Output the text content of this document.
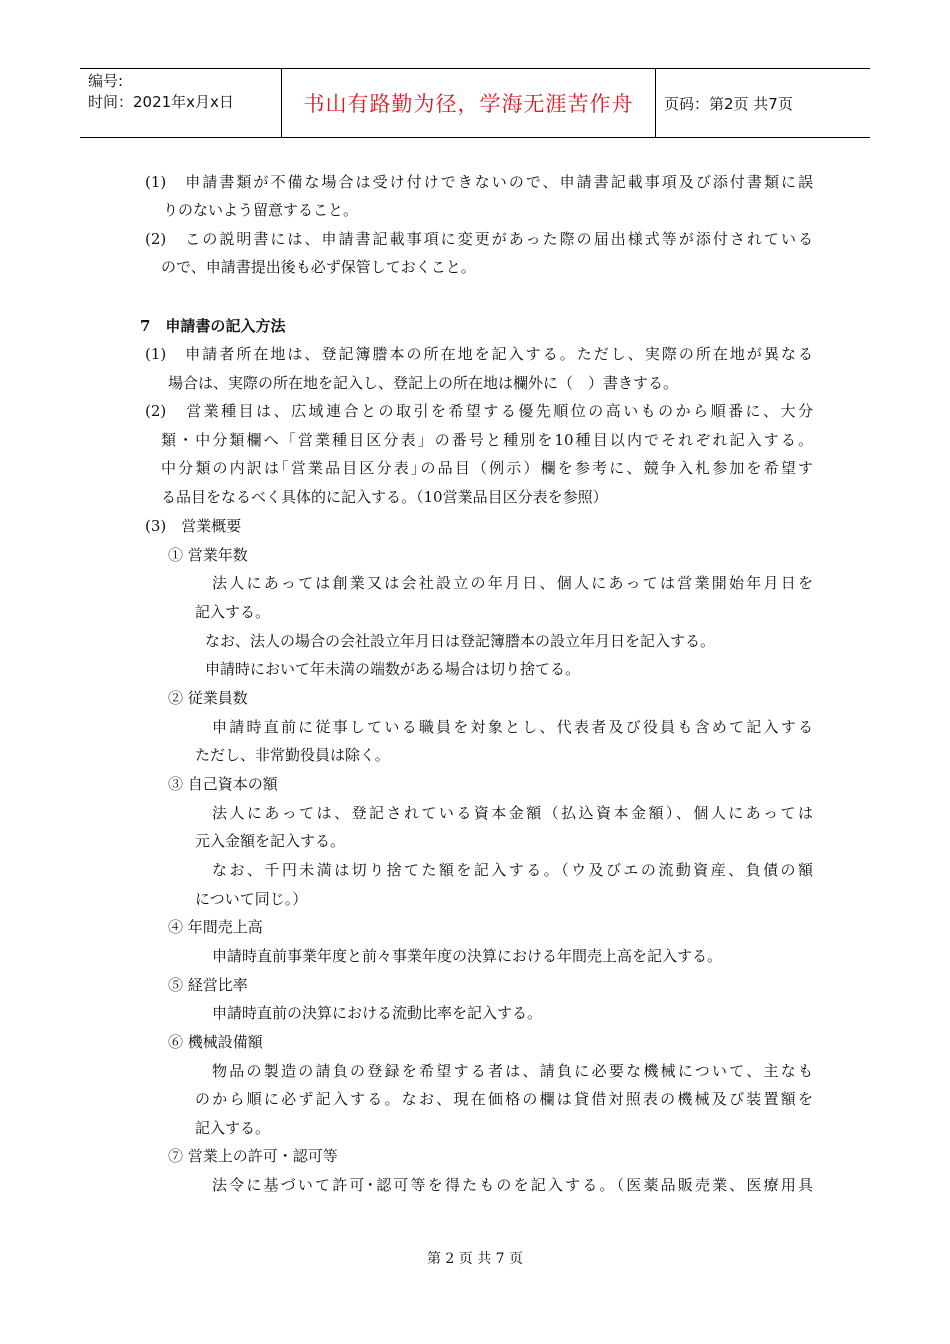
编号:
时间：2021年x月x日	书山有路勤为径，学海无涯苦作舟	页码：第2页 共7页
(1)　申請書類が不備な場合は受け付けできないので、申請書記載事項及び添付書類に誤
りのないよう留意すること。
(2)　この説明書には、申請書記載事項に変更があった際の届出様式等が添付されている
ので、申請書提出後も必ず保管しておくこと。
7　申請書の記入方法
(1)　申請者所在地は、登記簿謄本の所在地を記入する。ただし、実際の所在地が異なる
場合は、実際の所在地を記入し、登記上の所在地は欄外に（　）書きする。
(2)　営業種目は、広域連合との取引を希望する優先順位の高いものから順番に、大分
類・中分類欄へ「営業種目区分表」の番号と種別を10種目以内でそれぞれ記入する。
中分類の内訳は｢営業品目区分表｣の品目（例示）欄を参考に、競争入札参加を希望す
る品目をなるべく具体的に記入する。（10営業品目区分表を参照）
(3)　営業概要
① 営業年数
法人にあっては創業又は会社設立の年月日、個人にあっては営業開始年月日を
記入する。
なお、法人の場合の会社設立年月日は登記簿謄本の設立年月日を記入する。
申請時において年未満の端数がある場合は切り捨てる。
② 従業員数
申請時直前に従事している職員を対象とし、代表者及び役員も含めて記入する
ただし、非常勤役員は除く。
③ 自己資本の額
法人にあっては、登記されている資本金額（払込資本金額）、個人にあっては
元入金額を記入する。
なお、千円未満は切り捨てた額を記入する。（ウ及びエの流動資産、負債の額
について同じ。）
④ 年間売上高
申請時直前事業年度と前々事業年度の決算における年間売上高を記入する。
⑤ 経営比率
申請時直前の決算における流動比率を記入する。
⑥ 機械設備額
物品の製造の請負の登録を希望する者は、請負に必要な機械について、主なも
のから順に必ず記入する。なお、現在価格の欄は貸借対照表の機械及び装置額を
記入する。
⑦ 営業上の許可・認可等
法令に基づいて許可･認可等を得たものを記入する。（医薬品販売業、医療用具
第 2 页 共 7 页
